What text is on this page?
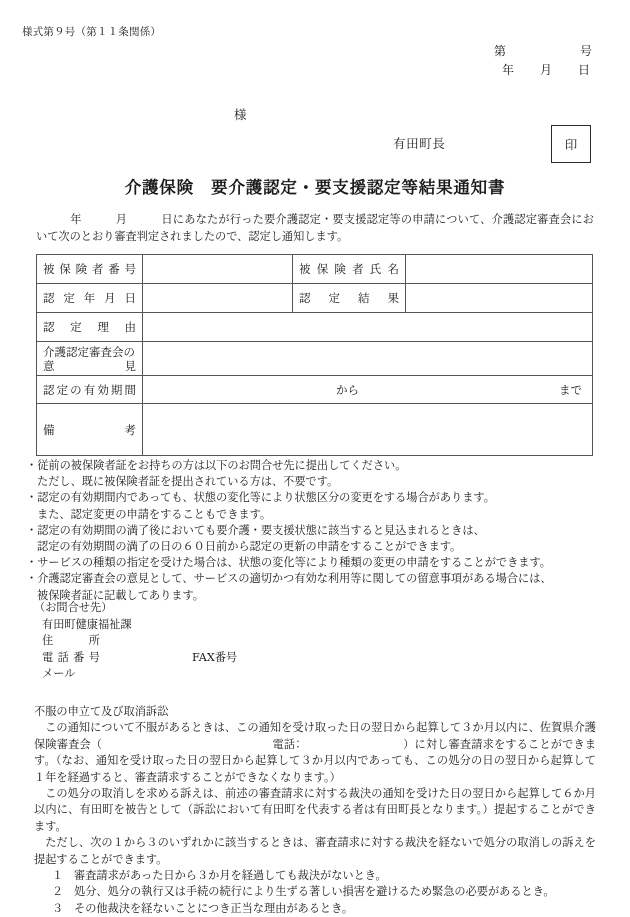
様式第９号（第１１条関係）
第	号
年 月 日
様
有田町長	印
介護保険　要介護認定・要支援認定等結果通知書
　　　年　　　月　　　日にあなたが行った要介護認定・要支援認定等の申請について、介護認定審査会において次のとおり審査判定されましたので、認定し通知します。
被保険者番号		被保険者氏名	
認定年月日		認定結果	
認定理由			
介護認定審査会の
意見			

認定の有効期間	から まで		

備考			
・従前の被保険者証をお持ちの方は以下のお問合せ先に提出してください。
ただし、既に被保険者証を提出されている方は、不要です。
・認定の有効期間内であっても、状態の変化等により状態区分の変更をする場合があります。
また、認定変更の申請をすることもできます。
・認定の有効期間の満了後においても要介護・要支援状態に該当すると見込まれるときは、
認定の有効期間の満了の日の６０日前から認定の更新の申請をすることができます。
・サービスの種類の指定を受けた場合は、状態の変化等により種類の変更の申請をすることができます。
・介護認定審査会の意見として、サービスの適切かつ有効な利用等に関しての留意事項がある場合には、
被保険者証に記載してあります。
（お問合せ先）
有田町健康福祉課
住所
電話番号	FAX番号
メール
不服の申立て及び取消訴訟

この通知について不服があるときは、この通知を受け取った日の翌日から起算して３か月以内に、佐賀県介護保険審査会（　　　　　　　　　　　　　　　電話：　　　　　　　　　）に対し審査請求をすることができます。（なお、通知を受け取った日の翌日から起算して３か月以内であっても、この処分の日の翌日から起算して１年を経過すると、審査請求することができなくなります。）

この処分の取消しを求める訴えは、前述の審査請求に対する裁決の通知を受けた日の翌日から起算して６か月以内に、有田町を被告として（訴訟において有田町を代表する者は有田町長となります。）提起することができます。

ただし、次の１から３のいずれかに該当するときは、審査請求に対する裁決を経ないで処分の取消しの訴えを提起することができます。

１ 審査請求があった日から３か月を経過しても裁決がないとき。
２ 処分、処分の執行又は手続の続行により生ずる著しい損害を避けるため緊急の必要があるとき。
３ その他裁決を経ないことにつき正当な理由があるとき。
